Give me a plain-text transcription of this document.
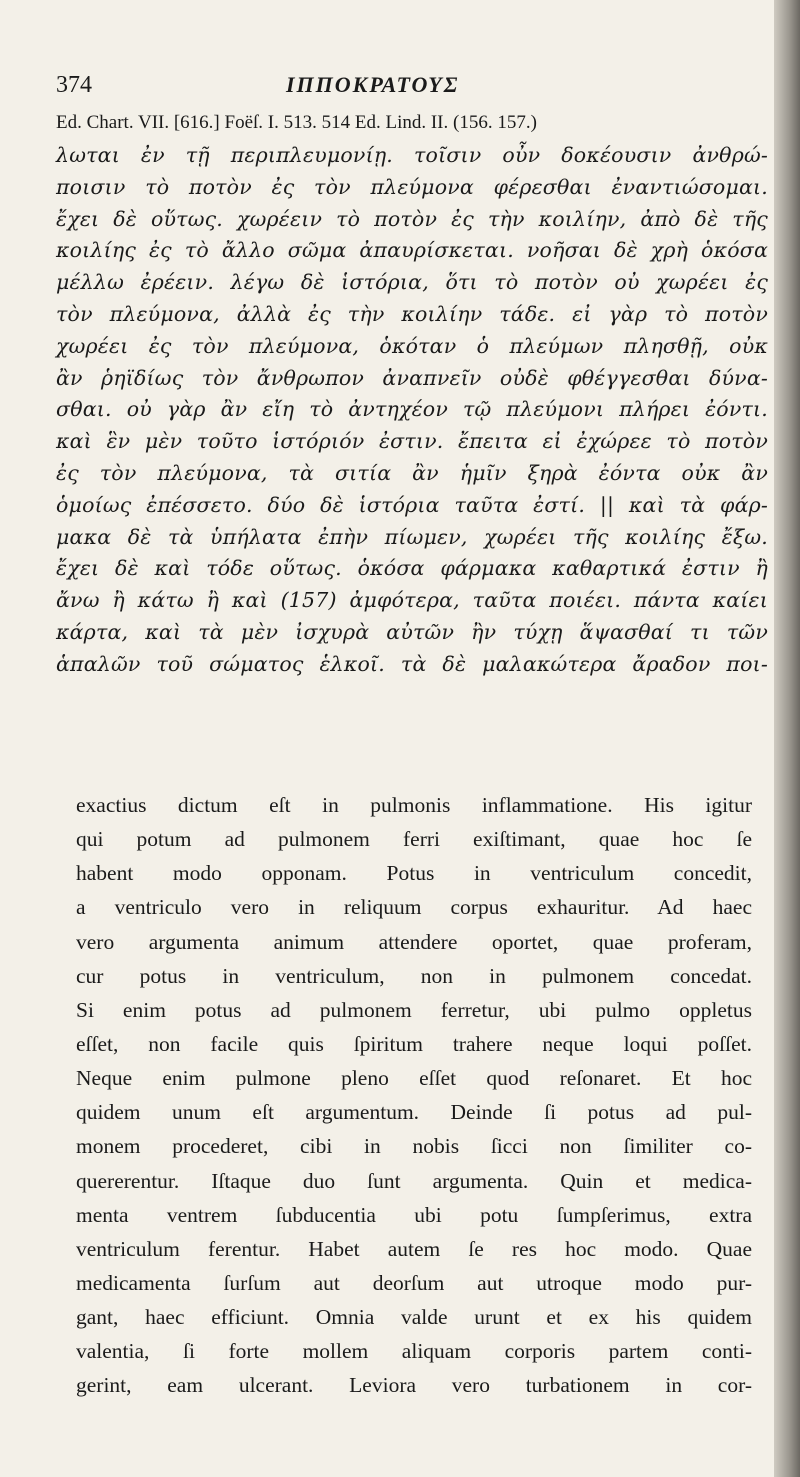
374	ΙΠΠΟΚΡΑΤΟΥΣ
Ed. Chart. VII. [616.] Foëſ. I. 513. 514 Ed. Lind. II. (156. 157.)
λωται ἐν τῇ περιπλευμονίῃ. τοῖσιν οὖν δοκέουσιν ἀνθρώ-
ποισιν τὸ ποτὸν ἐς τὸν πλεύμονα φέρεσθαι ἐναντιώσομαι.
ἔχει δὲ οὕτως. χωρέειν τὸ ποτὸν ἐς τὴν κοιλίην, ἀπὸ δὲ τῆς
κοιλίης ἐς τὸ ἄλλο σῶμα ἀπαυρίσκεται. νοῆσαι δὲ χρὴ ὁκόσα
μέλλω ἐρέειν. λέγω δὲ ἱστόρια, ὅτι τὸ ποτὸν οὐ χωρέει ἐς
τὸν πλεύμονα, ἀλλὰ ἐς τὴν κοιλίην τάδε. εἰ γὰρ τὸ ποτὸν
χωρέει ἐς τὸν πλεύμονα, ὁκόταν ὁ πλεύμων πλησθῇ, οὐκ
ἂν ῥηϊδίως τὸν ἄνθρωπον ἀναπνεῖν οὐδὲ φθέγγεσθαι δύνα-
σθαι. οὐ γὰρ ἂν εἴη τὸ ἀντηχέον τῷ πλεύμονι πλήρει ἐόντι.
καὶ ἓν μὲν τοῦτο ἱστόριόν ἐστιν. ἔπειτα εἰ ἐχώρεε τὸ ποτὸν
ἐς τὸν πλεύμονα, τὰ σιτία ἂν ἡμῖν ξηρὰ ἐόντα οὐκ ἂν
ὁμοίως ἐπέσσετο. δύο δὲ ἱστόρια ταῦτα ἐστί. || καὶ τὰ φάρ-
μακα δὲ τὰ ὑπήλατα ἐπὴν πίωμεν, χωρέει τῆς κοιλίης ἔξω.
ἔχει δὲ καὶ τόδε οὕτως. ὁκόσα φάρμακα καθαρτικά ἐστιν ἢ
ἄνω ἢ κάτω ἢ καὶ (157) ἀμφότερα, ταῦτα ποιέει. πάντα καίει
κάρτα, καὶ τὰ μὲν ἰσχυρὰ αὐτῶν ἢν τύχῃ ἅψασθαί τι τῶν
ἁπαλῶν τοῦ σώματος ἑλκοῖ. τὰ δὲ μαλακώτερα ἄραδον ποι-
exactius dictum eſt in pulmonis inflammatione. His igitur
qui potum ad pulmonem ferri exiſtimant, quae hoc ſe
habent modo opponam. Potus in ventriculum concedit,
a ventriculo vero in reliquum corpus exhauritur. Ad haec
vero argumenta animum attendere oportet, quae proferam,
cur potus in ventriculum, non in pulmonem concedat.
Si enim potus ad pulmonem ferretur, ubi pulmo oppletus
eſſet, non facile quis ſpiritum trahere neque loqui poſſet.
Neque enim pulmone pleno eſſet quod reſonaret. Et hoc
quidem unum eſt argumentum. Deinde ſi potus ad pul-
monem procederet, cibi in nobis ſicci non ſimiliter co-
quererentur. Iſtaque duo ſunt argumenta. Quin et medica-
menta ventrem ſubducentia ubi potu ſumpſerimus, extra
ventriculum ferentur. Habet autem ſe res hoc modo. Quae
medicamenta ſurſum aut deorſum aut utroque modo pur-
gant, haec efficiunt. Omnia valde urunt et ex his quidem
valentia, ſi forte mollem aliquam corporis partem conti-
gerint, eam ulcerant. Leviora vero turbationem in cor-
